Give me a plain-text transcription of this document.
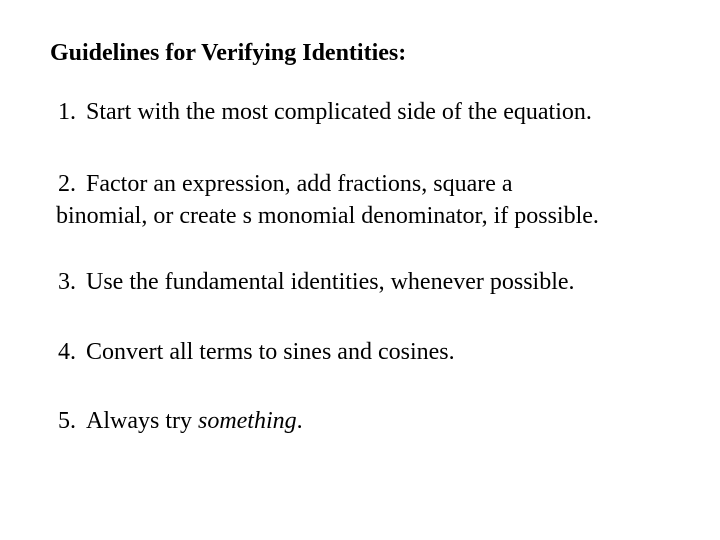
Guidelines for Verifying Identities:
1. Start with the most complicated side of the equation.
2. Factor an expression, add fractions, square a
binomial, or create s monomial denominator, if possible.
3. Use the fundamental identities, whenever possible.
4. Convert all terms to sines and cosines.
5. Always try something.
